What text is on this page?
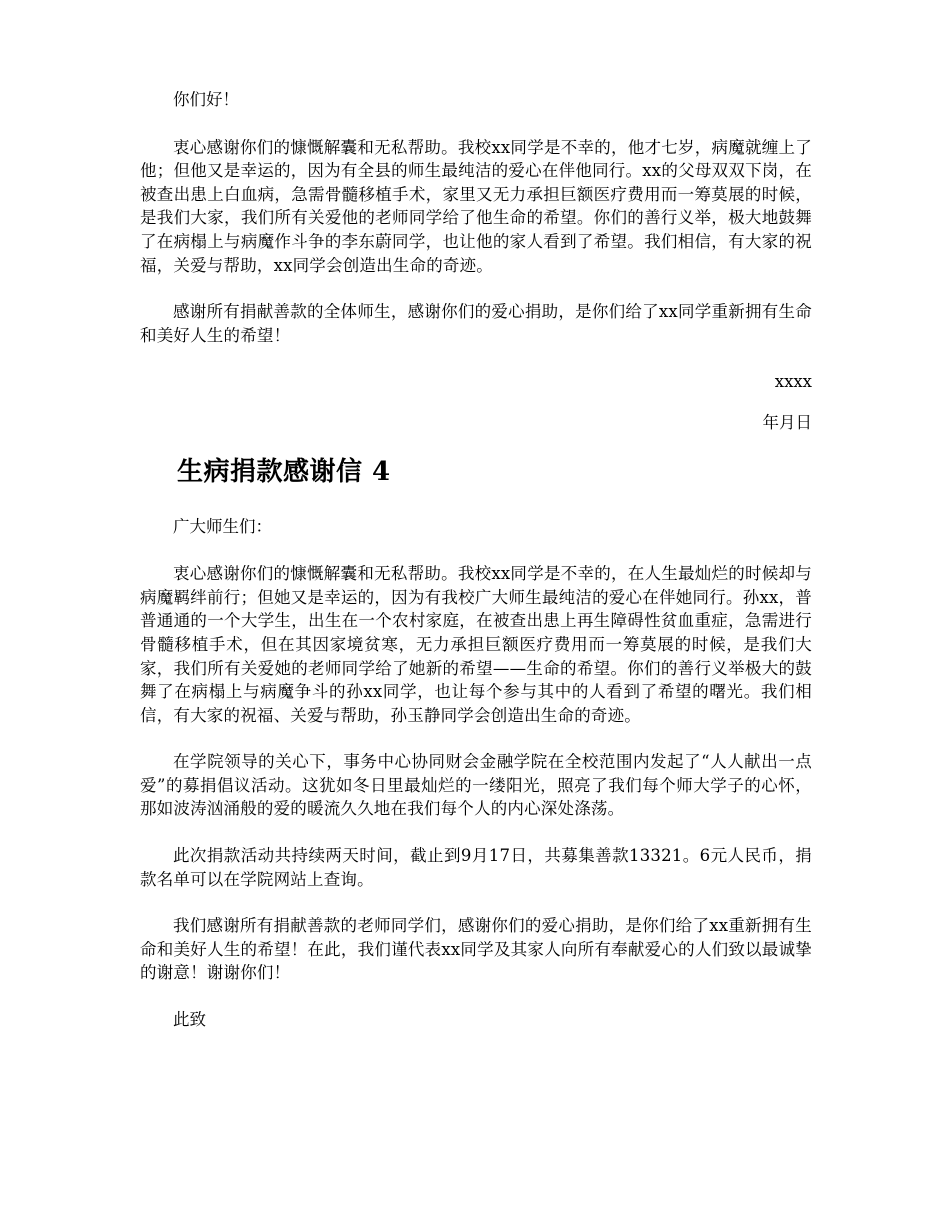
你们好！

衷心感谢你们的慷慨解囊和无私帮助。我校xx同学是不幸的，他才七岁，病魔就缠上了他；但他又是幸运的，因为有全县的师生最纯洁的爱心在伴他同行。xx的父母双双下岗，在被查出患上白血病，急需骨髓移植手术，家里又无力承担巨额医疗费用而一筹莫展的时候，是我们大家，我们所有关爱他的老师同学给了他生命的希望。你们的善行义举，极大地鼓舞了在病榻上与病魔作斗争的李东蔚同学，也让他的家人看到了希望。我们相信，有大家的祝福，关爱与帮助，xx同学会创造出生命的奇迹。

感谢所有捐献善款的全体师生，感谢你们的爱心捐助，是你们给了xx同学重新拥有生命和美好人生的希望！

xxxx

年月日

生病捐款感谢信 4

广大师生们：

衷心感谢你们的慷慨解囊和无私帮助。我校xx同学是不幸的，在人生最灿烂的时候却与病魔羁绊前行；但她又是幸运的，因为有我校广大师生最纯洁的爱心在伴她同行。孙xx，普普通通的一个大学生，出生在一个农村家庭，在被查出患上再生障碍性贫血重症，急需进行骨髓移植手术，但在其因家境贫寒，无力承担巨额医疗费用而一筹莫展的时候，是我们大家，我们所有关爱她的老师同学给了她新的希望——生命的希望。你们的善行义举极大的鼓舞了在病榻上与病魔争斗的孙xx同学，也让每个参与其中的人看到了希望的曙光。我们相信，有大家的祝福、关爱与帮助，孙玉静同学会创造出生命的奇迹。

在学院领导的关心下，事务中心协同财会金融学院在全校范围内发起了“人人献出一点爱”的募捐倡议活动。这犹如冬日里最灿烂的一缕阳光，照亮了我们每个师大学子的心怀，那如波涛汹涌般的爱的暖流久久地在我们每个人的内心深处涤荡。

此次捐款活动共持续两天时间，截止到9月17日，共募集善款13321。6元人民币，捐款名单可以在学院网站上查询。

我们感谢所有捐献善款的老师同学们，感谢你们的爱心捐助，是你们给了xx重新拥有生命和美好人生的希望！在此，我们谨代表xx同学及其家人向所有奉献爱心的人们致以最诚挚的谢意！谢谢你们！

此致
